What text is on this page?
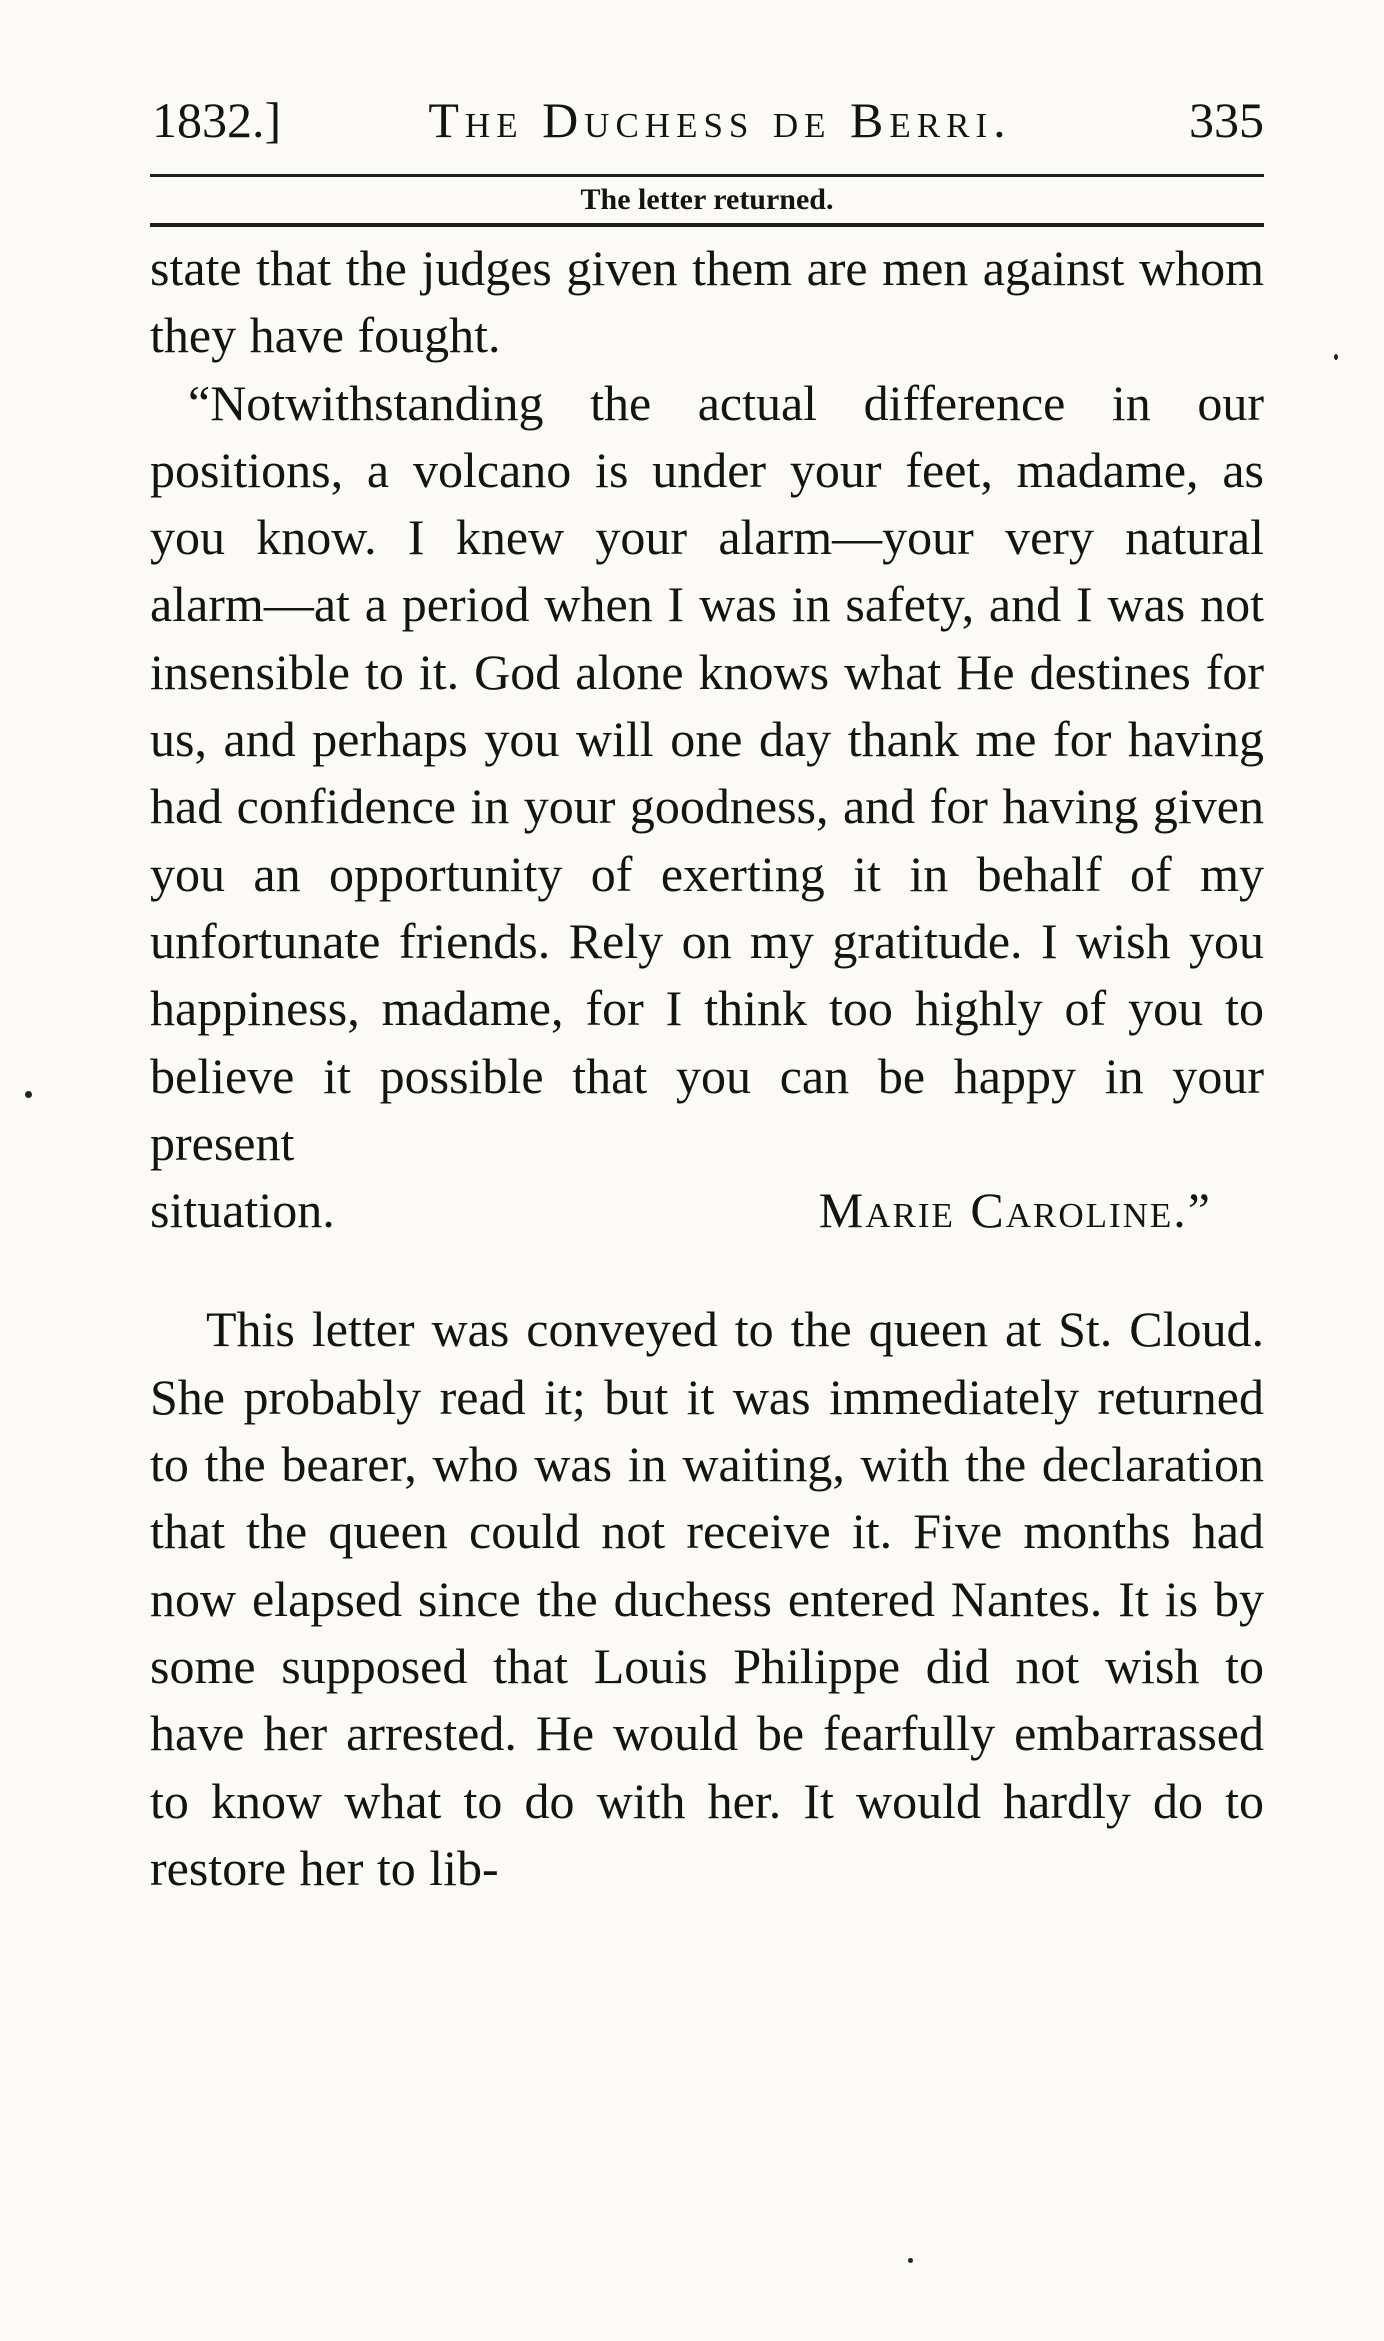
1832.]	The Duchess de Berri.	335
The letter returned.

state that the judges given them are men against whom they have fought.

“Notwithstanding the actual difference in our positions, a volcano is under your feet, madame, as you know. I knew your alarm—your very natural alarm—at a period when I was in safety, and I was not insensible to it. God alone knows what He destines for us, and perhaps you will one day thank me for having had confidence in your goodness, and for having given you an opportunity of exerting it in behalf of my unfortunate friends. Rely on my gratitude. I wish you happiness, madame, for I think too highly of you to believe it possible that you can be happy in your present

situation.	Marie Caroline.”

This letter was conveyed to the queen at St. Cloud. She probably read it; but it was immediately returned to the bearer, who was in waiting, with the declaration that the queen could not receive it. Five months had now elapsed since the duchess entered Nantes. It is by some supposed that Louis Philippe did not wish to have her arrested. He would be fearfully embarrassed to know what to do with her. It would hardly do to restore her to lib-
